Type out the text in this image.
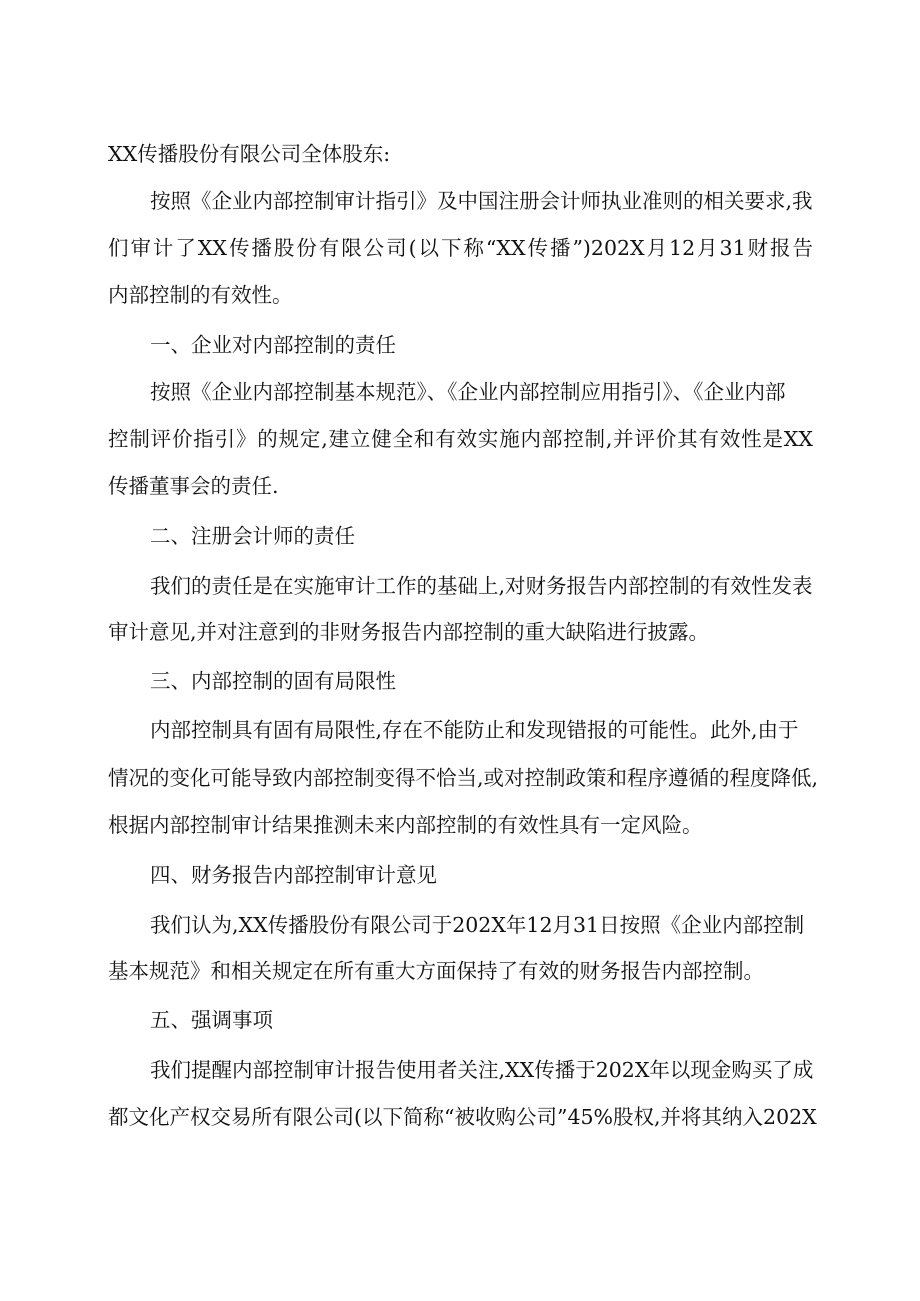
XX传播股份有限公司全体股东:
按照《企业内部控制审计指引》及中国注册会计师执业准则的相关要求,我
们审计了XX传播股份有限公司(以下称“XX传播”)202X月12月31财报告
内部控制的有效性。
一、企业对内部控制的责任
按照《企业内部控制基本规范》、《企业内部控制应用指引》、《企业内部
控制评价指引》的规定,建立健全和有效实施内部控制,并评价其有效性是XX
传播董事会的责任.
二、注册会计师的责任
我们的责任是在实施审计工作的基础上,对财务报告内部控制的有效性发表
审计意见,并对注意到的非财务报告内部控制的重大缺陷进行披露。
三、内部控制的固有局限性
内部控制具有固有局限性,存在不能防止和发现错报的可能性。此外,由于
情况的变化可能导致内部控制变得不恰当,或对控制政策和程序遵循的程度降低,
根据内部控制审计结果推测未来内部控制的有效性具有一定风险。
四、财务报告内部控制审计意见
我们认为,XX传播股份有限公司于202X年12月31日按照《企业内部控制
基本规范》和相关规定在所有重大方面保持了有效的财务报告内部控制。
五、强调事项
我们提醒内部控制审计报告使用者关注,XX传播于202X年以现金购买了成
都文化产权交易所有限公司(以下简称“被收购公司”45%股权,并将其纳入202X
